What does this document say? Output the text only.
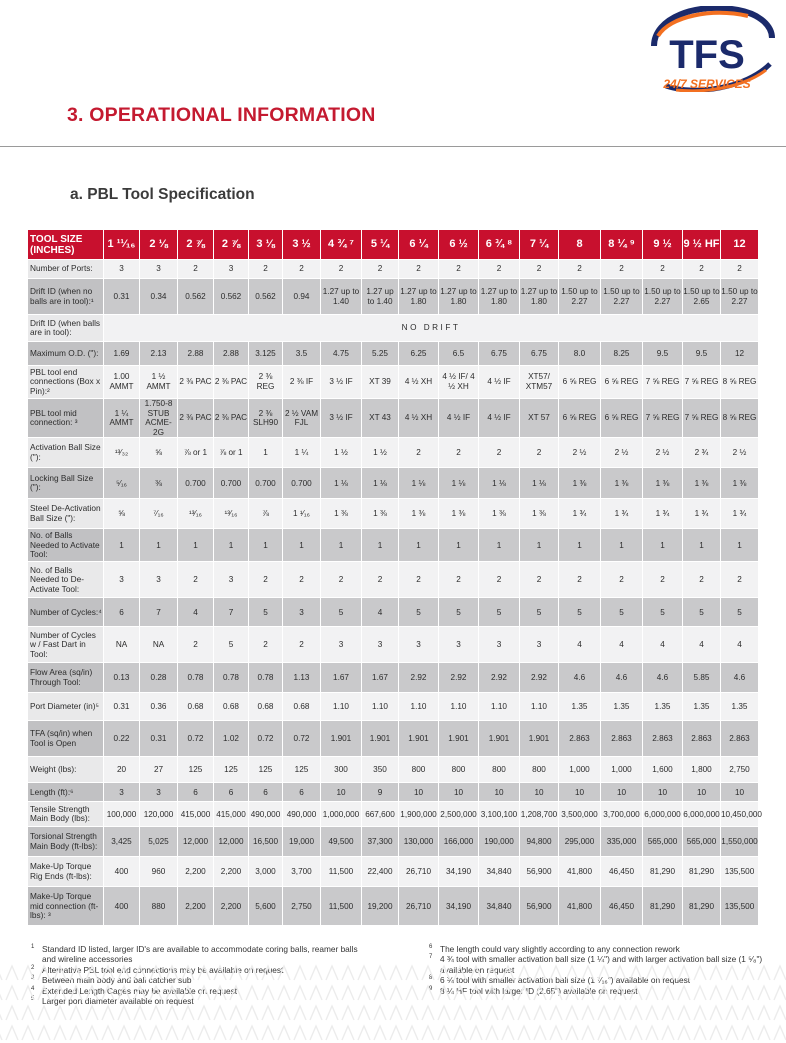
TFS
24/7 SERVICES
3. OPERATIONAL INFORMATION
a. PBL Tool Specification
TOOL SIZE (INCHES)	1 ¹¹⁄₁₆	2 ⅛	2 ⅞	2 ⅞	3 ⅛	3 ½	4 ¾ ⁷	5 ¼	6 ¼	6 ½	6 ¾ ⁸	7 ¼	8	8 ¼ ⁹	9 ½	9 ½ HF	12
Number of Ports:	3	3	2	3	2	2	2	2	2	2	2	2	2	2	2	2	2
Drift ID (when no balls are in tool):¹	0.31	0.34	0.562	0.562	0.562	0.94	1.27 up to 1.40	1.27 up to 1.40	1.27 up to 1.80	1.27 up to 1.80	1.27 up to 1.80	1.27 up to 1.80	1.50 up to 2.27	1.50 up to 2.27	1.50 up to 2.27	1.50 up to 2.65	1.50 up to 2.27
Drift ID (when balls are in tool):	NO DRIFT																
Maximum O.D. ("):	1.69	2.13	2.88	2.88	3.125	3.5	4.75	5.25	6.25	6.5	6.75	6.75	8.0	8.25	9.5	9.5	12
PBL tool end connections (Box x Pin):²	1.00 AMMT	1 ½ AMMT	2 ⅜ PAC	2 ⅜ PAC	2 ⅜ REG	2 ⅜ IF	3 ½ IF	XT 39	4 ½ XH	4 ½ IF/ 4 ½ XH	4 ½ IF	XT57/ XTM57	6 ⅝ REG	6 ⅝ REG	7 ⅝ REG	7 ⅝ REG	8 ⅝ REG
PBL tool mid connection: ³	1 ¼ AMMT	1.750-8 STUB ACME-2G	2 ⅜ PAC	2 ⅜ PAC	2 ⅜ SLH90	2 ½ VAM FJL	3 ½ IF	XT 43	4 ½ XH	4 ½ IF	4 ½ IF	XT 57	6 ⅝ REG	6 ⅝ REG	7 ⅝ REG	7 ⅝ REG	8 ⅝ REG
Activation Ball Size ("):	¹³⁄₃₂	⅝	⅞ or 1	⅞ or 1	1	1 ¼	1 ½	1 ½	2	2	2	2	2 ½	2 ½	2 ½	2 ¾	2 ½
Locking Ball Size ("):	⁵⁄₁₆	⅜	0.700	0.700	0.700	0.700	1 ⅛	1 ⅛	1 ⅛	1 ⅛	1 ⅛	1 ⅛	1 ⅜	1 ⅜	1 ⅜	1 ⅜	1 ⅜
Steel De-Activation Ball Size ("):	⅝	⁷⁄₁₆	¹³⁄₁₆	¹³⁄₁₆	⅞	1 ¹⁄₁₆	1 ⅜	1 ⅜	1 ⅜	1 ⅜	1 ⅜	1 ⅜	1 ¾	1 ¾	1 ¾	1 ¾	1 ¾
No. of Balls Needed to Activate Tool:	1	1	1	1	1	1	1	1	1	1	1	1	1	1	1	1	1
No. of Balls Needed to De-Activate Tool:	3	3	2	3	2	2	2	2	2	2	2	2	2	2	2	2	2
Number of Cycles:⁴	6	7	4	7	5	3	5	4	5	5	5	5	5	5	5	5	5
Number of Cycles w / Fast Dart in Tool:	NA	NA	2	5	2	2	3	3	3	3	3	3	4	4	4	4	4
Flow Area (sq/in) Through Tool:	0.13	0.28	0.78	0.78	0.78	1.13	1.67	1.67	2.92	2.92	2.92	2.92	4.6	4.6	4.6	5.85	4.6
Port Diameter (in)⁵	0.31	0.36	0.68	0.68	0.68	0.68	1.10	1.10	1.10	1.10	1.10	1.10	1.35	1.35	1.35	1.35	1.35
TFA (sq/in) when Tool is Open	0.22	0.31	0.72	1.02	0.72	0.72	1.901	1.901	1.901	1.901	1.901	1.901	2.863	2.863	2.863	2.863	2.863
Weight (lbs):	20	27	125	125	125	125	300	350	800	800	800	800	1,000	1,000	1,600	1,800	2,750
Length (ft):⁶	3	3	6	6	6	6	10	9	10	10	10	10	10	10	10	10	10
Tensile Strength Main Body (lbs):	100,000	120,000	415,000	415,000	490,000	490,000	1,000,000	667,600	1,900,000	2,500,000	3,100,100	1,208,700	3,500,000	3,700,000	6,000,000	6,000,000	10,450,000
Torsional Strength Main Body (ft-lbs):	3,425	5,025	12,000	12,000	16,500	19,000	49,500	37,300	130,000	166,000	190,000	94,800	295,000	335,000	565,000	565,000	1,550,000
Make-Up Torque Rig Ends (ft-lbs):	400	960	2,200	2,200	3,000	3,700	11,500	22,400	26,710	34,190	34,840	56,900	41,800	46,450	81,290	81,290	135,500
Make-Up Torque mid connection (ft-lbs): ³	400	880	2,200	2,200	5,600	2,750	11,500	19,200	26,710	34,190	34,840	56,900	41,800	46,450	81,290	81,290	135,500
1 Standard ID listed, larger ID's are available to accommodate coring balls, reamer balls and wireline accessories
2 Alternative PBL tool end connections may be available on request
3 Between main body and ball catcher sub
4 Extended Length Cages may be available on request
5 Larger port diameter available on request
6 The length could vary slightly according to any connection rework
7 4 ¾ tool with smaller activation ball size (1 ¼") and with larger activation ball size (1 ⁵⁄₈") available on request
8 6 ¾ tool with smaller activation ball size (1 ⁷⁄₁₆") available on request
9 8 ¼ HF tool with larger ID (2.65") available on request
